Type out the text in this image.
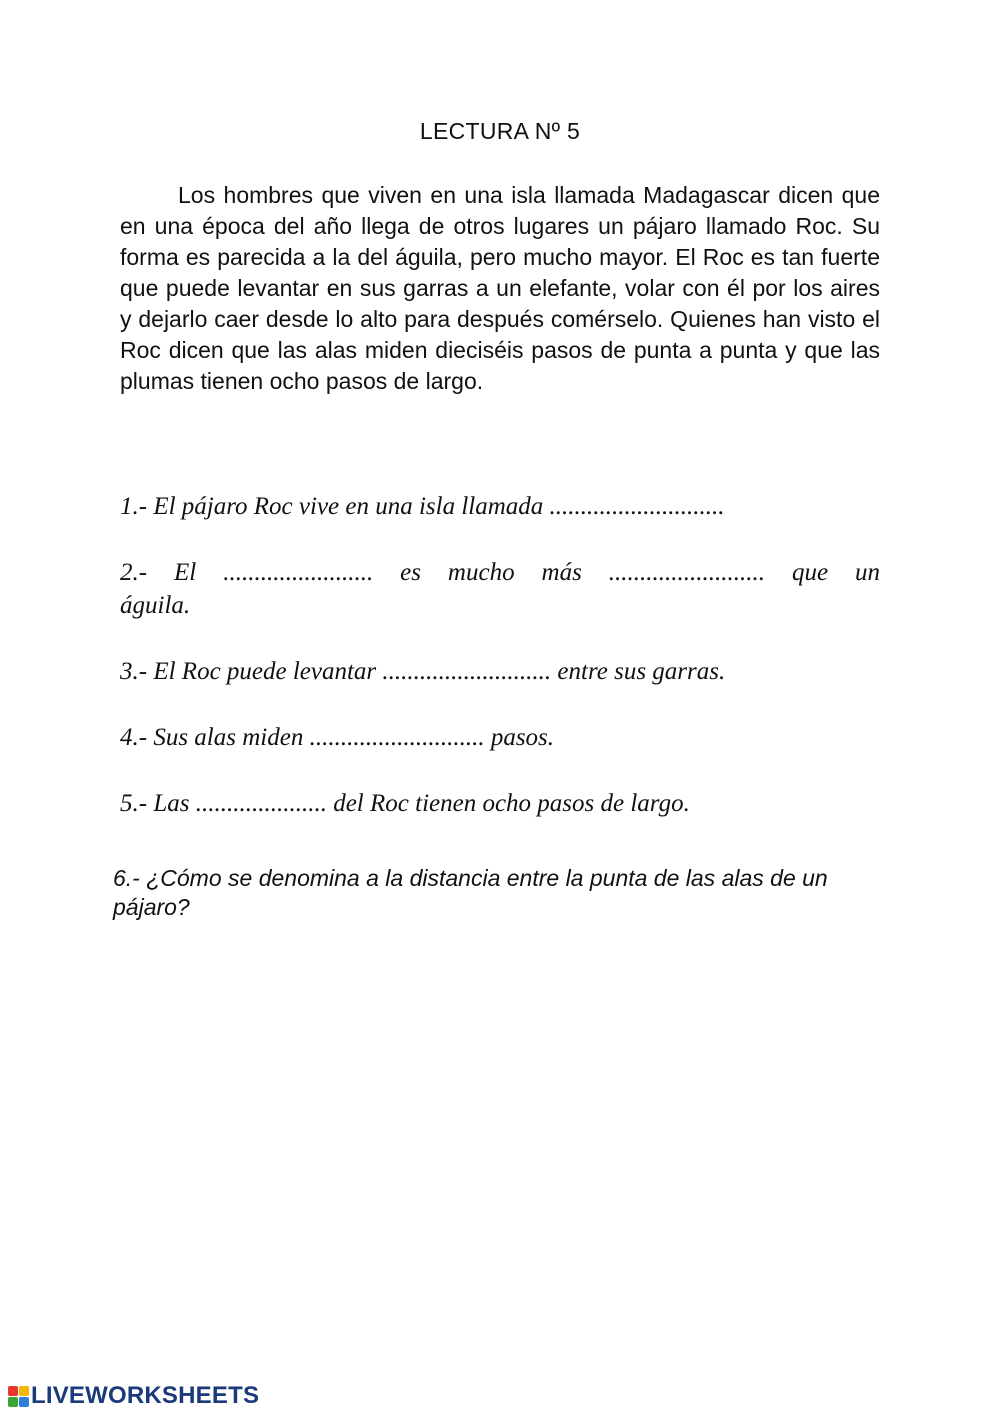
LECTURA Nº 5

Los hombres que viven en una isla llamada Madagascar dicen que en una época del año llega de otros lugares un pájaro llamado Roc. Su forma es parecida a la del águila, pero mucho mayor. El Roc es tan fuerte que puede levantar en sus garras a un elefante, volar con él por los aires y dejarlo caer desde lo alto para después comérselo. Quienes han visto el Roc dicen que las alas miden dieciséis pasos de punta a punta y que las plumas tienen ocho pasos de largo.

1.- El pájaro Roc vive en una isla llamada ............................

2.- El ........................ es mucho más ......................... que un águila.

3.- El Roc puede levantar ........................... entre sus garras.

4.- Sus alas miden ............................ pasos.

5.- Las ..................... del Roc tienen ocho pasos de largo.

6.- ¿Cómo se denomina a la distancia entre la punta de las alas de un pájaro?

LIVEWORKSHEETS
